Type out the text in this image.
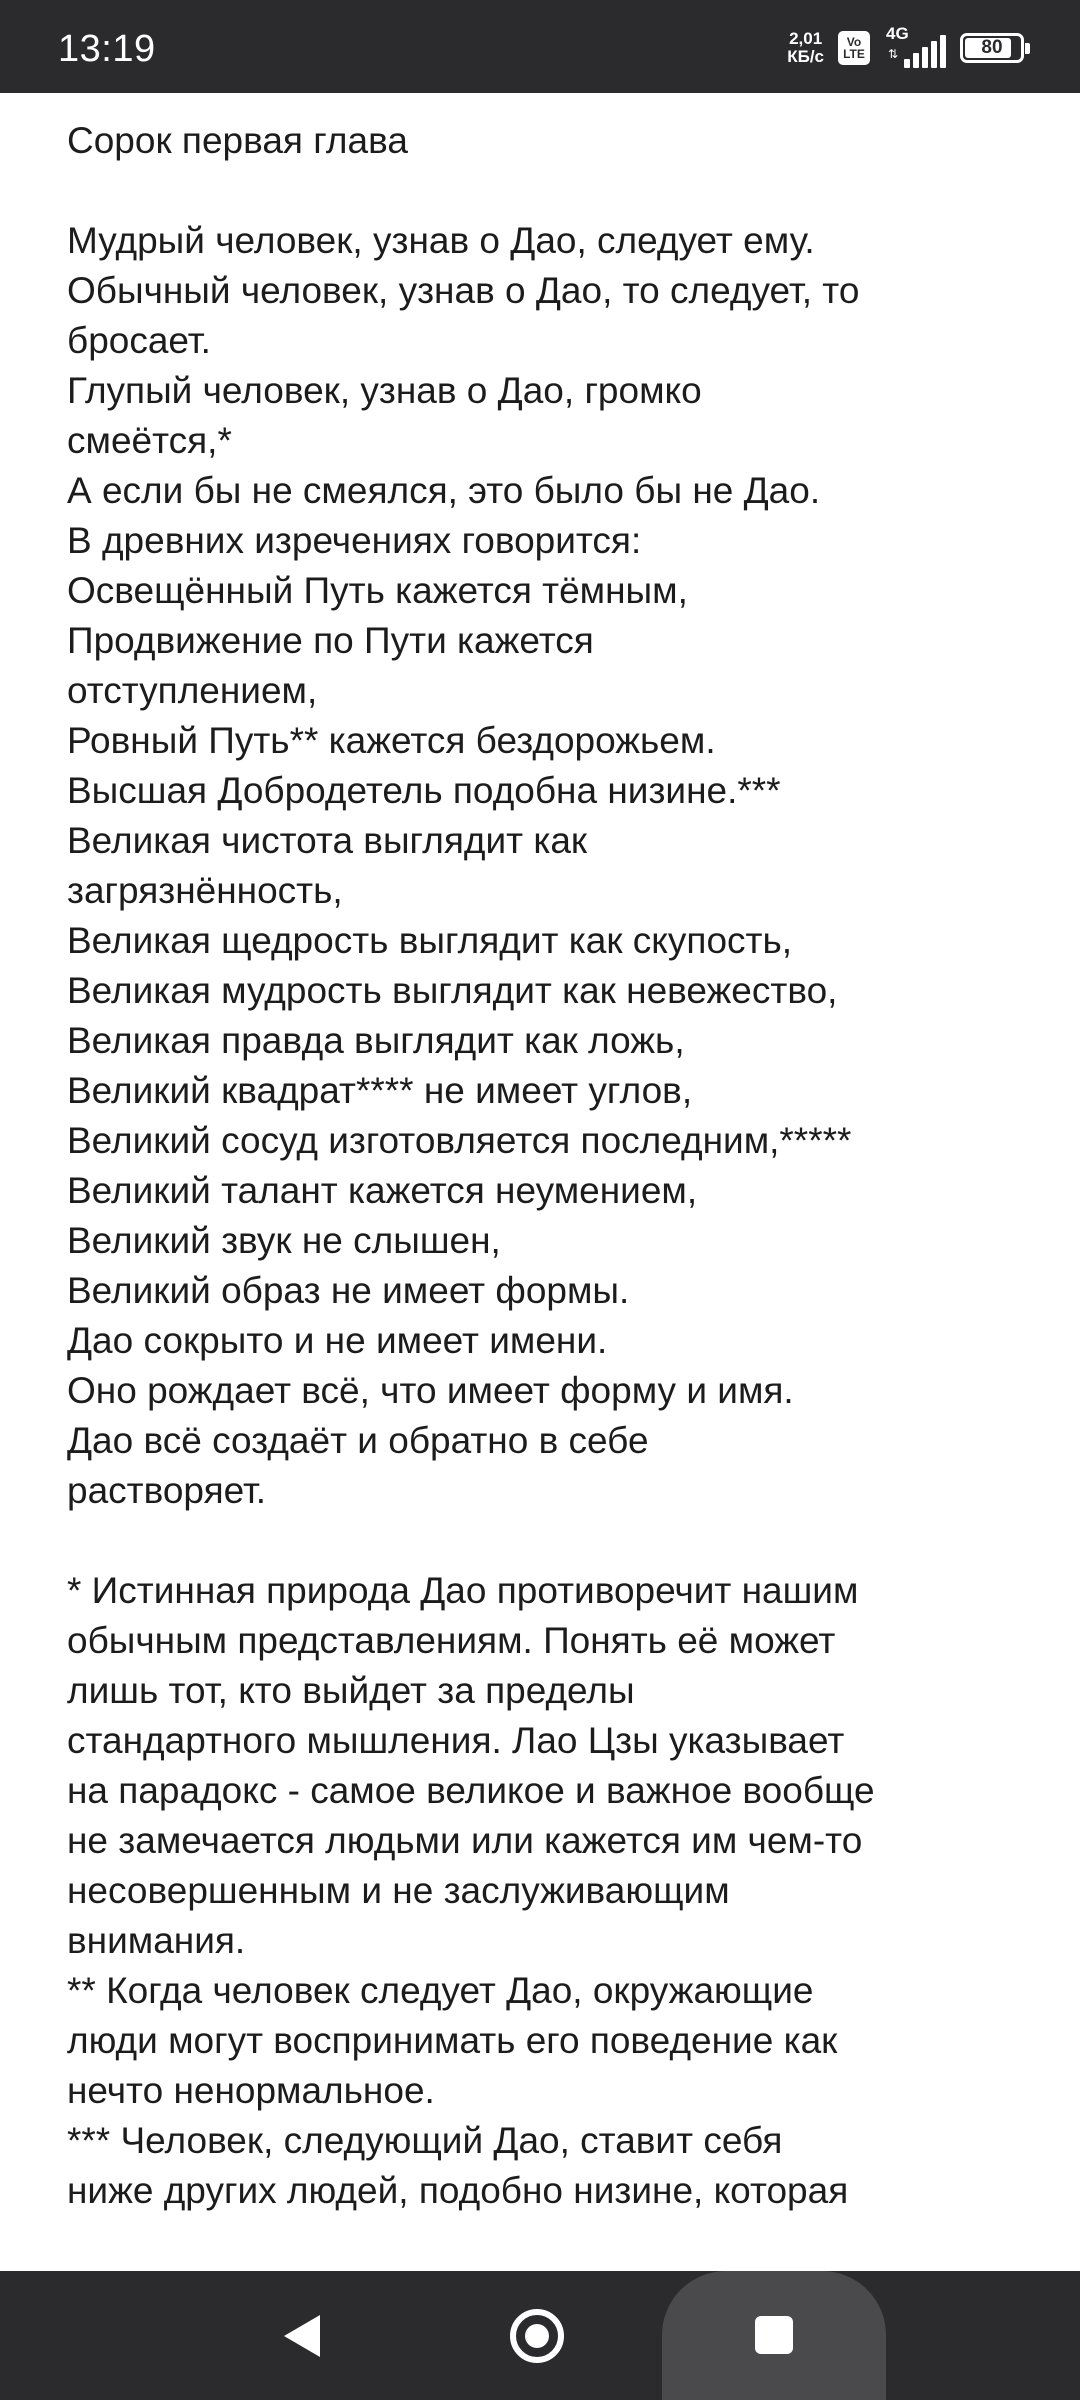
13:19	2,01
КБ/с
Vo
LTE
4G
⇅	80
Сорок первая глава
Мудрый человек, узнав о Дао, следует ему.
Обычный человек, узнав о Дао, то следует, то
бросает.
Глупый человек, узнав о Дао, громко
смеётся,*
А если бы не смеялся, это было бы не Дао.
В древних изречениях говорится:
Освещённый Путь кажется тёмным,
Продвижение по Пути кажется
отступлением,
Ровный Путь** кажется бездорожьем.
Высшая Добродетель подобна низине.***
Великая чистота выглядит как
загрязнённость,
Великая щедрость выглядит как скупость,
Великая мудрость выглядит как невежество,
Великая правда выглядит как ложь,
Великий квадрат**** не имеет углов,
Великий сосуд изготовляется последним,*****
Великий талант кажется неумением,
Великий звук не слышен,
Великий образ не имеет формы.
Дао сокрыто и не имеет имени.
Оно рождает всё, что имеет форму и имя.
Дао всё создаёт и обратно в себе
растворяет.
* Истинная природа Дао противоречит нашим
обычным представлениям. Понять её может
лишь тот, кто выйдет за пределы
стандартного мышления. Лао Цзы указывает
на парадокс - самое великое и важное вообще
не замечается людьми или кажется им чем-то
несовершенным и не заслуживающим
внимания.
** Когда человек следует Дао, окружающие
люди могут воспринимать его поведение как
нечто ненормальное.
*** Человек, следующий Дао, ставит себя
ниже других людей, подобно низине, которая
